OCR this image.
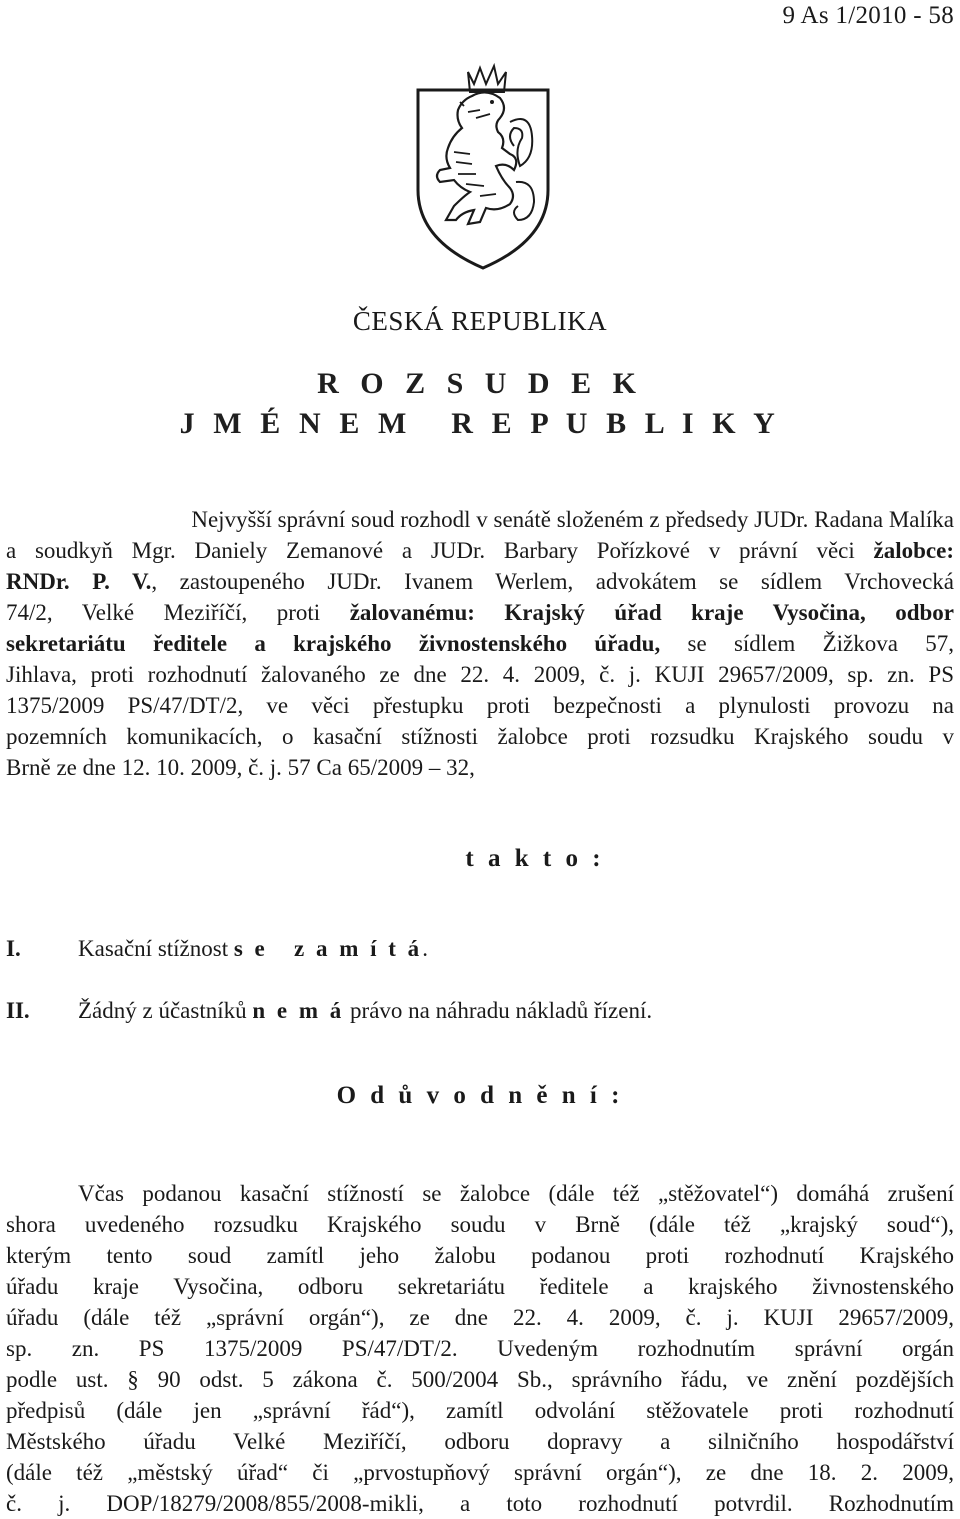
9 As 1/2010 - 58
ČESKÁ REPUBLIKA
R O Z S U D E K
J M É N E M   R E P U B L I K Y
Nejvyšší správní soud rozhodl v senátě složeném z předsedy JUDr. Radana Malíka
a soudkyň Mgr. Daniely Zemanové a JUDr. Barbary Pořízkové v právní věci žalobce:
RNDr. P. V., zastoupeného JUDr. Ivanem Werlem, advokátem se sídlem Vrchovecká
74/2, Velké Meziříčí, proti žalovanému: Krajský úřad kraje Vysočina, odbor
sekretariátu ředitele a krajského živnostenského úřadu, se sídlem Žižkova 57,
Jihlava, proti rozhodnutí žalovaného ze dne 22. 4. 2009, č. j. KUJI 29657/2009, sp. zn. PS
1375/2009 PS/47/DT/2, ve věci přestupku proti bezpečnosti a plynulosti provozu na
pozemních komunikacích, o kasační stížnosti žalobce proti rozsudku Krajského soudu v
Brně ze dne 12. 10. 2009, č. j. 57 Ca 65/2009 – 32,
t a k t o :
I. Kasační stížnost s e   z a m í t á.
II. Žádný z účastníků n e m á právo na náhradu nákladů řízení.
O d ů v o d n ě n í :
Včas podanou kasační stížností se žalobce (dále též „stěžovatel“) domáhá zrušení
shora uvedeného rozsudku Krajského soudu v Brně (dále též „krajský soud“),
kterým tento soud zamítl jeho žalobu podanou proti rozhodnutí Krajského
úřadu kraje Vysočina, odboru sekretariátu ředitele a krajského živnostenského
úřadu (dále též „správní orgán“), ze dne 22. 4. 2009, č. j. KUJI 29657/2009,
sp. zn. PS 1375/2009 PS/47/DT/2. Uvedeným rozhodnutím správní orgán
podle ust. § 90 odst. 5 zákona č. 500/2004 Sb., správního řádu, ve znění pozdějších
předpisů (dále jen „správní řád“), zamítl odvolání stěžovatele proti rozhodnutí
Městského úřadu Velké Meziříčí, odboru dopravy a silničního hospodářství
(dále též „městský úřad“ či „prvostupňový správní orgán“), ze dne 18. 2. 2009,
č. j. DOP/18279/2008/855/2008-mikli, a toto rozhodnutí potvrdil. Rozhodnutím
